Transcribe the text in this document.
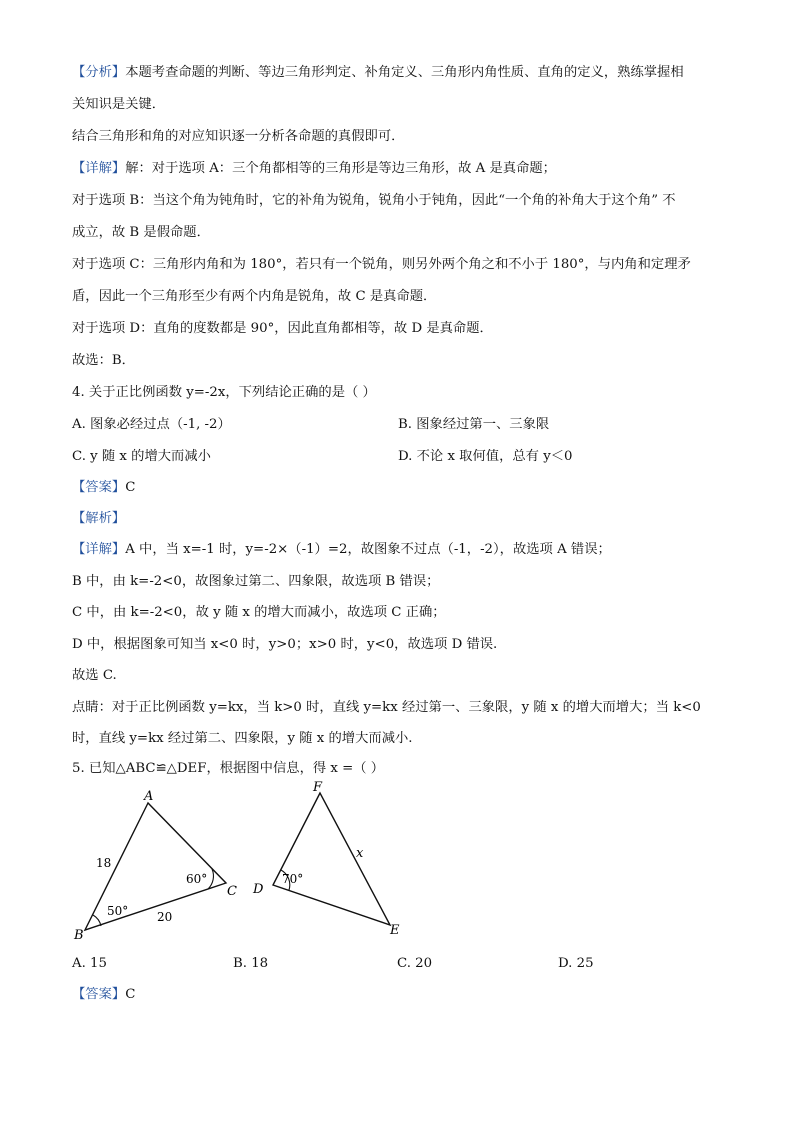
【分析】本题考查命题的判断、等边三角形判定、补角定义、三角形内角性质、直角的定义，熟练掌握相
关知识是关键．
结合三角形和角的对应知识逐一分析各命题的真假即可．
【详解】解：对于选项 A：三个角都相等的三角形是等边三角形，故 A 是真命题；
对于选项 B：当这个角为钝角时，它的补角为锐角，锐角小于钝角，因此“一个角的补角大于这个角” 不
成立，故 B 是假命题．
对于选项 C：三角形内角和为 180°，若只有一个锐角，则另外两个角之和不小于 180°，与内角和定理矛
盾，因此一个三角形至少有两个内角是锐角，故 C 是真命题．
对于选项 D：直角的度数都是 90°，因此直角都相等，故 D 是真命题．
故选：B．
4. 关于正比例函数 y=-2x，下列结论正确的是（ ）
A. 图象必经过点（-1, -2）	B. 图象经过第一、三象限
C. y 随 x 的增大而减小	D. 不论 x 取何值，总有 y＜0
【答案】C
【解析】
【详解】A 中，当 x=-1 时，y=-2×（-1）=2，故图象不过点（-1，-2），故选项 A 错误；
B 中，由 k=-2<0，故图象过第二、四象限，故选项 B 错误；
C 中，由 k=-2<0，故 y 随 x 的增大而减小，故选项 C 正确；
D 中，根据图象可知当 x<0 时，y>0；x>0 时，y<0，故选项 D 错误.
故选 C.
点睛：对于正比例函数 y=kx，当 k>0 时，直线 y=kx 经过第一、三象限，y 随 x 的增大而增大；当 k<0
时，直线 y=kx 经过第二、四象限，y 随 x 的增大而减小.
5. 已知△ABC≌△DEF，根据图中信息，得 x =（ ）
A
B
C
18
20
50°
60°
F
D
E
x
70°
A. 15	B. 18	C. 20	D. 25
【答案】C
